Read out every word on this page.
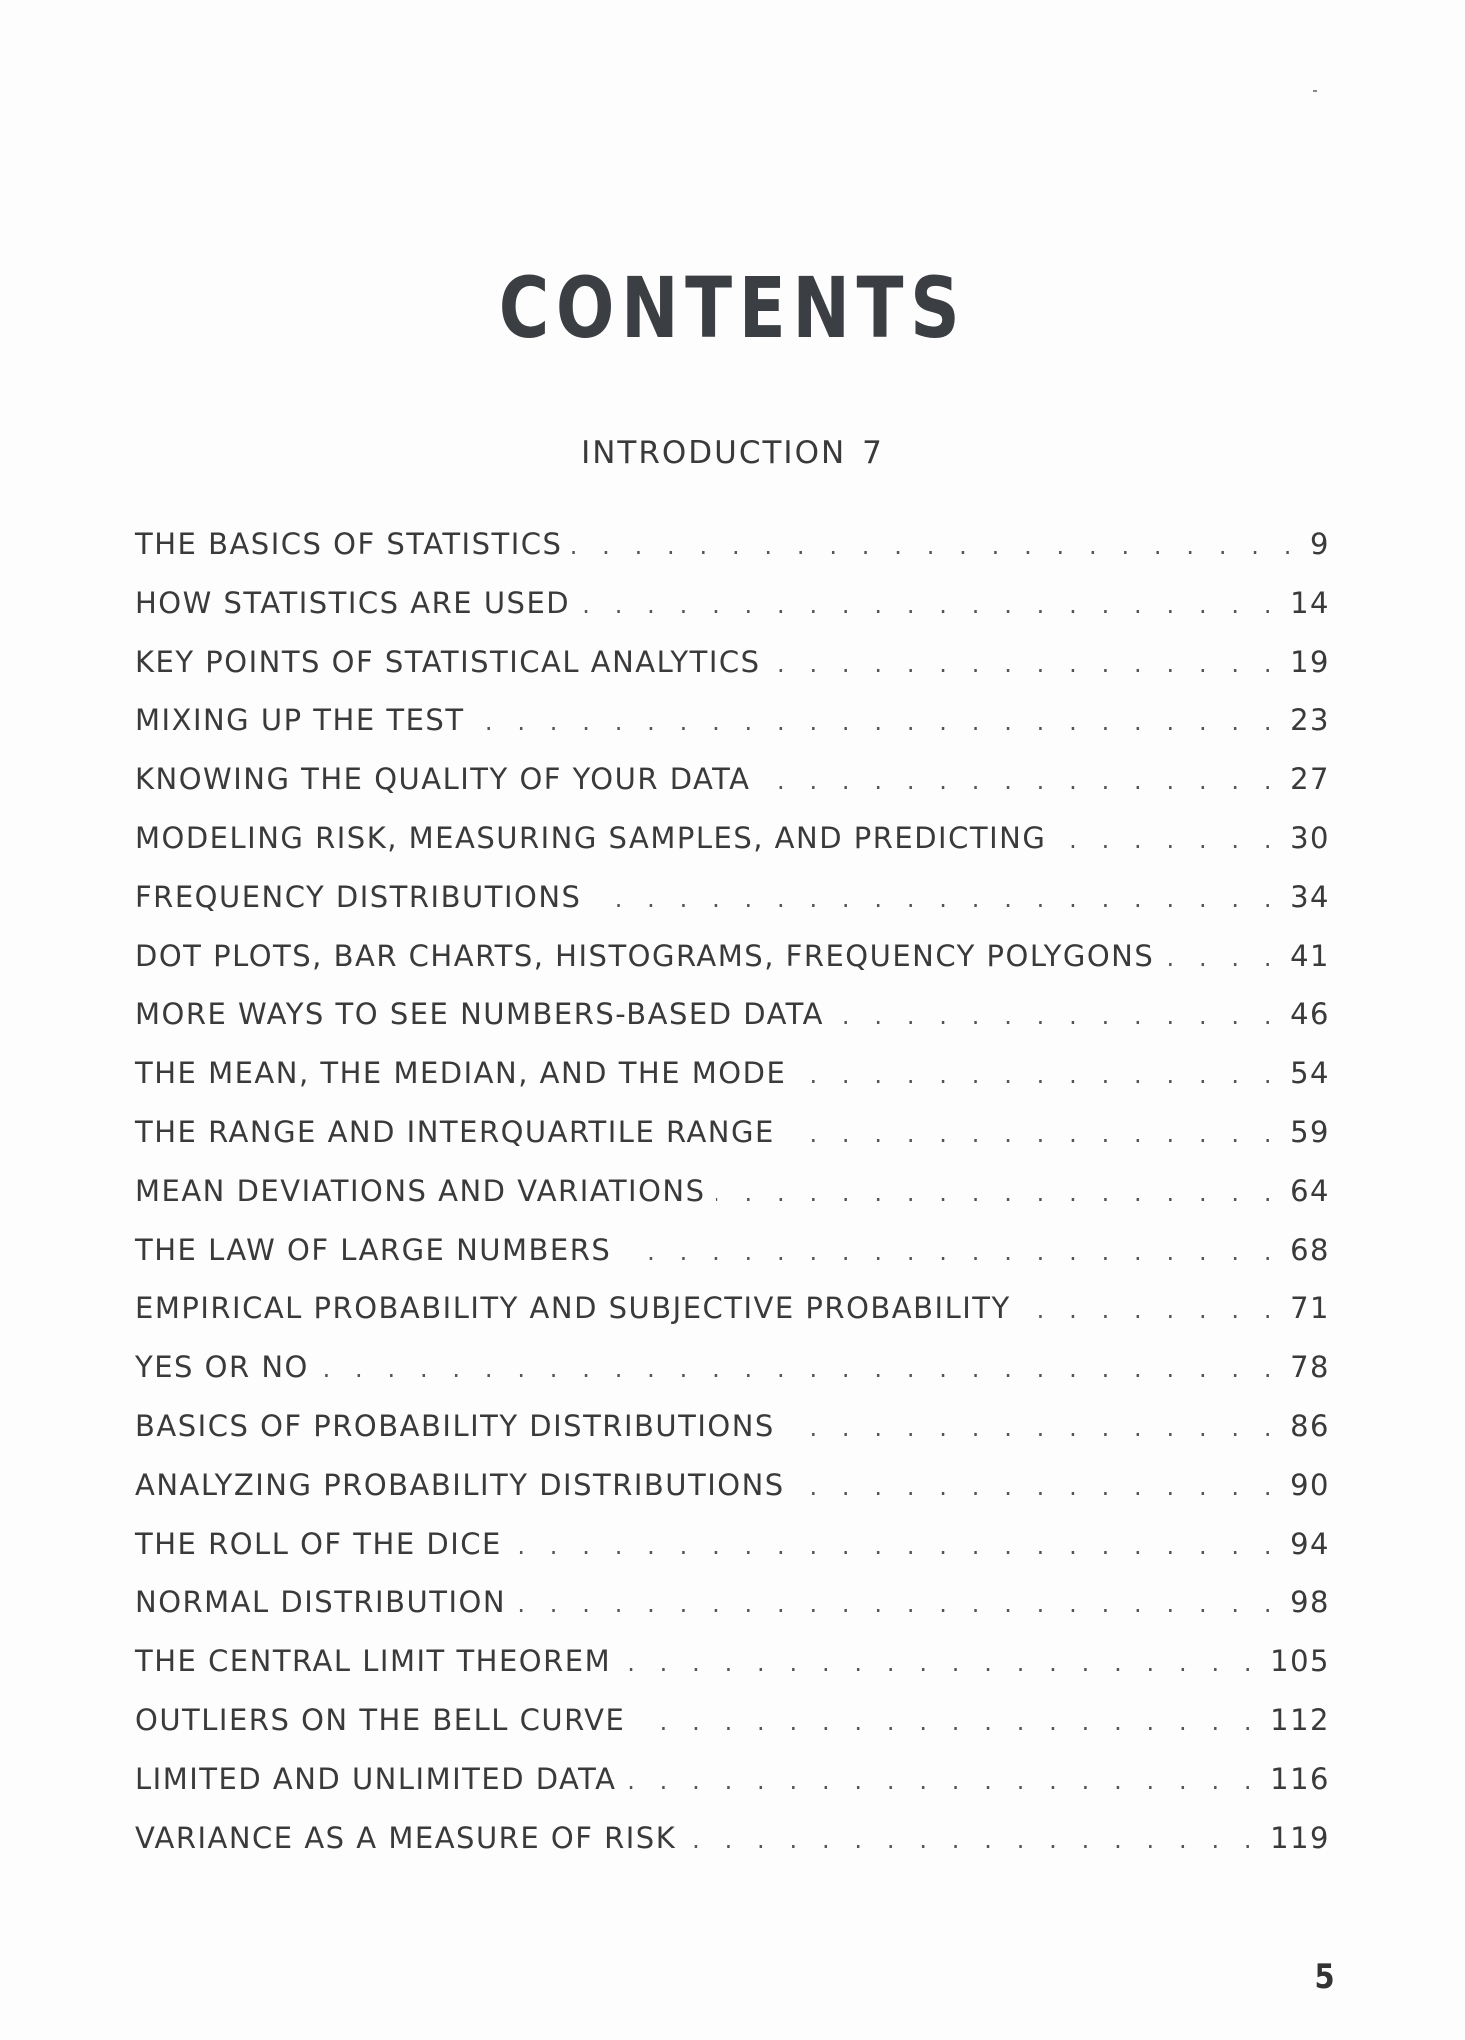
CONTENTS
INTRODUCTION 7
THE BASICS OF STATISTICS . . .	9
HOW STATISTICS ARE USED . . .	14
KEY POINTS OF STATISTICAL ANALYTICS . . .	19
MIXING UP THE TEST . . .	23
KNOWING THE QUALITY OF YOUR DATA . . .	27
MODELING RISK, MEASURING SAMPLES, AND PREDICTING . . .	30
FREQUENCY DISTRIBUTIONS . . .	34
DOT PLOTS, BAR CHARTS, HISTOGRAMS, FREQUENCY POLYGONS . . .	41
MORE WAYS TO SEE NUMBERS-BASED DATA . . .	46
THE MEAN, THE MEDIAN, AND THE MODE . . .	54
THE RANGE AND INTERQUARTILE RANGE . . .	59
MEAN DEVIATIONS AND VARIATIONS . . .	64
THE LAW OF LARGE NUMBERS . . .	68
EMPIRICAL PROBABILITY AND SUBJECTIVE PROBABILITY . . .	71
YES OR NO . . .	78
BASICS OF PROBABILITY DISTRIBUTIONS . . .	86
ANALYZING PROBABILITY DISTRIBUTIONS . . .	90
THE ROLL OF THE DICE . . .	94
NORMAL DISTRIBUTION . . .	98
THE CENTRAL LIMIT THEOREM . . .	105
OUTLIERS ON THE BELL CURVE . . .	112
LIMITED AND UNLIMITED DATA . . .	116
VARIANCE AS A MEASURE OF RISK . . .	119
5
